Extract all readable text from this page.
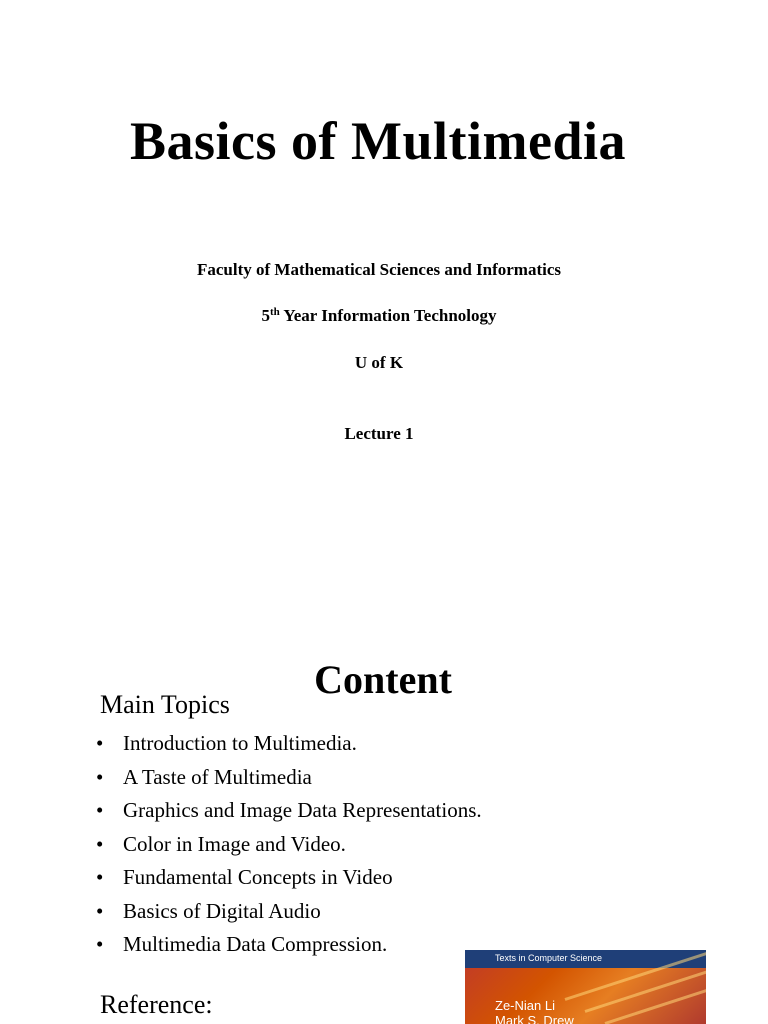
Basics of Multimedia
Faculty of Mathematical Sciences and Informatics
5th Year Information Technology
U of K
Lecture 1
Content
Main Topics
• Introduction to Multimedia.
• A Taste of Multimedia
• Graphics and Image Data Representations.
• Color in Image and Video.
• Fundamental Concepts in Video
• Basics of Digital Audio
• Multimedia Data Compression.
Reference:
Texts in Computer Science
Ze-Nian Li
Mark S. Drew
